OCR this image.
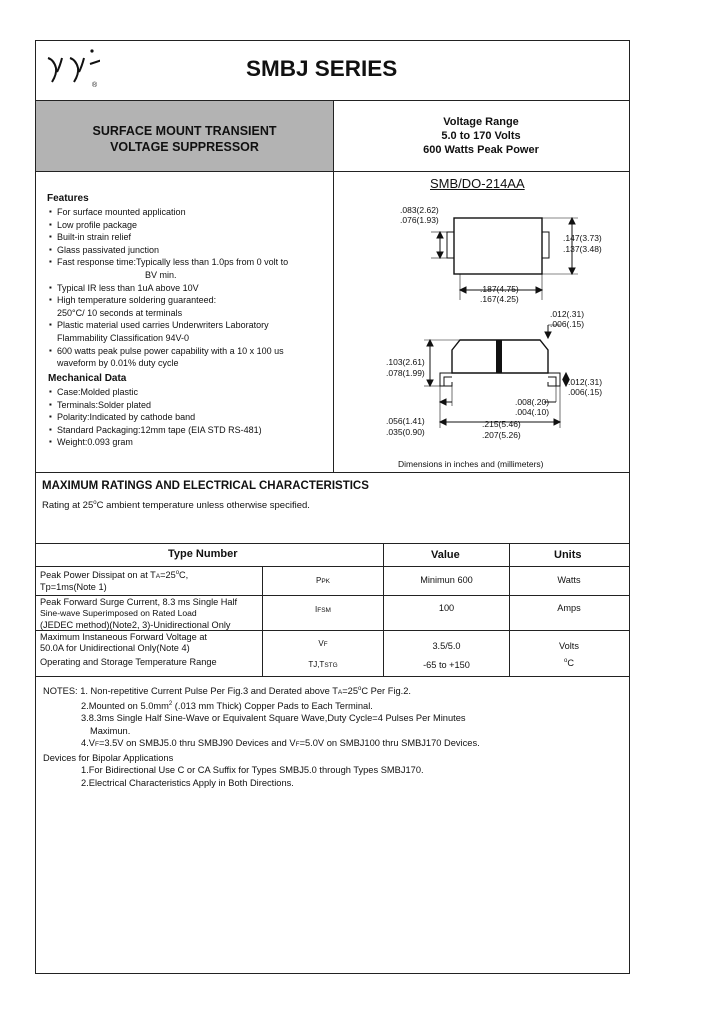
®
SMBJ SERIES
SURFACE MOUNT TRANSIENT
VOLTAGE SUPPRESSOR
Voltage Range
5.0 to 170 Volts
600 Watts Peak Power
Features
▪ For surface mounted application
▪ Low profile package
▪ Built-in strain relief
▪ Glass passivated junction
▪ Fast response time:Typically less than 1.0ps from 0 volt to
BV min.
▪ Typical IR less than 1uA above 10V
▪ High temperature soldering guaranteed:
250°C/ 10 seconds at terminals
▪ Plastic material used carries Underwriters Laboratory
Flammability Classification 94V-0
▪ 600 watts peak pulse power capability with a 10 x 100 us
waveform by 0.01% duty cycle
Mechanical Data
▪ Case:Molded plastic
▪ Terminals:Solder plated
▪ Polarity:Indicated by cathode band
▪ Standard Packaging:12mm tape (EIA STD RS-481)
▪ Weight:0.093 gram
SMB/DO-214AA
.083(2.62)
.076(1.93)
.147(3.73)
.137(3.48)
.187(4.75)
.167(4.25)
.012(.31)
.006(.15)
.103(2.61)
.078(1.99)
.012(.31)
.006(.15)
.008(.20)
.004(.10)
.056(1.41)
.035(0.90)
.215(5.46)
.207(5.26)
Dimensions in inches and (millimeters)
MAXIMUM RATINGS AND ELECTRICAL CHARACTERISTICS
Rating at 25$^o$C ambient temperature unless otherwise specified.
Type Number	Value	Units
Peak Power Dissipat on at $TA=25^oC$,
Tp=1ms(Note 1)
PPK	Minimun 600	Watts
Peak Forward Surge Current, 8.3 ms Single Half
Sine-wave Superimposed on Rated Load
(JEDEC method)(Note2, 3)-Unidirectional Only
IFSM	100	Amps
Maximum Instaneous Forward Voltage at
50.0A for Unidirectional Only(Note 4)	VF	3.5/5.0	Volts
Operating and Storage Temperature Range	TJ,TSTG	-65 to +150	$^o$C
NOTES: 1. Non-repetitive Current Pulse Per Fig.3 and Derated above $TA=25^oC$ Per Fig.2.
2.Mounted on $5.0mm^2$ (.013 mm Thick) Copper Pads to Each Terminal.
3.8.3ms Single Half Sine-Wave or Equivalent Square Wave,Duty Cycle=4 Pulses Per Minutes
Maximun.
4.VF=3.5V on SMBJ5.0 thru SMBJ90 Devices and VF=5.0V on SMBJ100 thru SMBJ170 Devices.
Devices for Bipolar Applications
1.For Bidirectional Use C or CA Suffix for Types SMBJ5.0 through Types SMBJ170.
2.Electrical Characteristics Apply in Both Directions.
